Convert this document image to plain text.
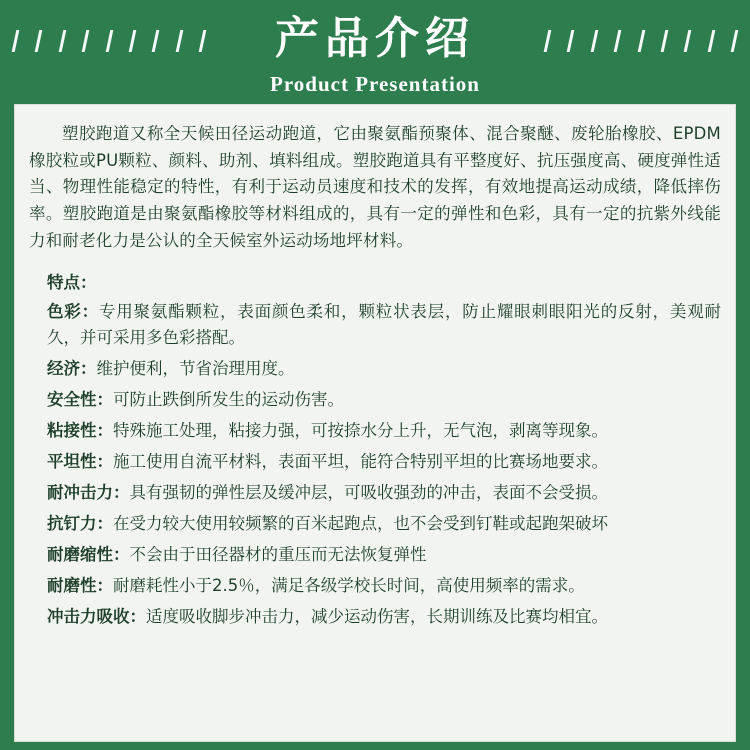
产品介绍
Product Presentation

塑胶跑道又称全天候田径运动跑道，它由聚氨酯预聚体、混合聚醚、废轮胎橡胶、EPDM橡胶粒或PU颗粒、颜料、助剂、填料组成。塑胶跑道具有平整度好、抗压强度高、硬度弹性适当、物理性能稳定的特性，有利于运动员速度和技术的发挥，有效地提高运动成绩，降低摔伤率。塑胶跑道是由聚氨酯橡胶等材料组成的，具有一定的弹性和色彩，具有一定的抗紫外线能力和耐老化力是公认的全天候室外运动场地坪材料。

特点：
色彩：专用聚氨酯颗粒，表面颜色柔和，颗粒状表层，防止耀眼刺眼阳光的反射，美观耐久，并可采用多色彩搭配。
经济：维护便利，节省治理用度。
安全性：可防止跌倒所发生的运动伤害。
粘接性：特殊施工处理，粘接力强，可按捺水分上升，无气泡，剥离等现象。
平坦性：施工使用自流平材料，表面平坦，能符合特别平坦的比赛场地要求。
耐冲击力：具有强韧的弹性层及缓冲层，可吸收强劲的冲击，表面不会受损。
抗钉力：在受力较大使用较频繁的百米起跑点，也不会受到钉鞋或起跑架破坏
耐磨缩性：不会由于田径器材的重压而无法恢复弹性
耐磨性：耐磨耗性小于2.5％，满足各级学校长时间，高使用频率的需求。
冲击力吸收：适度吸收脚步冲击力，减少运动伤害，长期训练及比赛均相宜。
